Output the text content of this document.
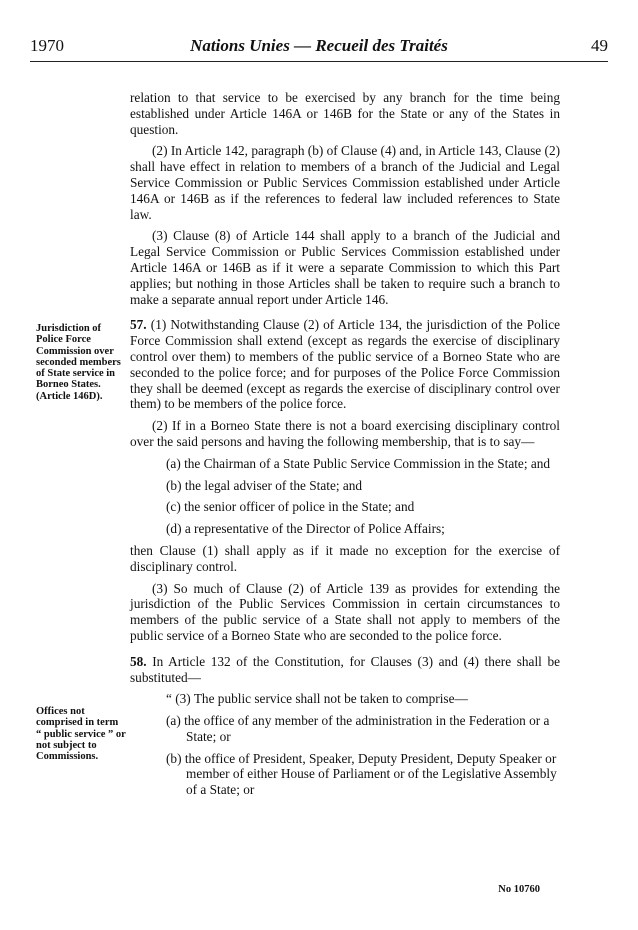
1970	Nations Unies — Recueil des Traités	49
Jurisdiction of Police Force Commission over seconded members of State service in Borneo States. (Article 146D).
Offices not comprised in term “ public service ” or not subject to Commissions.

relation to that service to be exercised by any branch for the time being established under Article 146A or 146B for the State or any of the States in question.

(2) In Article 142, paragraph (b) of Clause (4) and, in Article 143, Clause (2) shall have effect in relation to members of a branch of the Judicial and Legal Service Commission or Public Services Commission established under Article 146A or 146B as if the references to federal law included references to State law.

(3) Clause (8) of Article 144 shall apply to a branch of the Judicial and Legal Service Commission or Public Services Commission established under Article 146A or 146B as if it were a separate Commission to which this Part applies; but nothing in those Articles shall be taken to require such a branch to make a separate annual report under Article 146.

57. (1) Notwithstanding Clause (2) of Article 134, the jurisdiction of the Police Force Commission shall extend (except as regards the exercise of disciplinary control over them) to members of the public service of a Borneo State who are seconded to the police force; and for purposes of the Police Force Commission they shall be deemed (except as regards the exercise of disciplinary control over them) to be members of the police force.

(2) If in a Borneo State there is not a board exercising disciplinary control over the said persons and having the following membership, that is to say—

(a) the Chairman of a State Public Service Commission in the State; and
(b) the legal adviser of the State; and
(c) the senior officer of police in the State; and
(d) a representative of the Director of Police Affairs;

then Clause (1) shall apply as if it made no exception for the exercise of disciplinary control.

(3) So much of Clause (2) of Article 139 as provides for extending the jurisdiction of the Public Services Commission in certain circumstances to members of the public service of a State shall not apply to members of the public service of a Borneo State who are seconded to the police force.

58. In Article 132 of the Constitution, for Clauses (3) and (4) there shall be substituted—

“ (3) The public service shall not be taken to comprise—

(a) the office of any member of the administration in the Federation or a State; or
(b) the office of President, Speaker, Deputy President, Deputy Speaker or member of either House of Parliament or of the Legislative Assembly of a State; or
No 10760
